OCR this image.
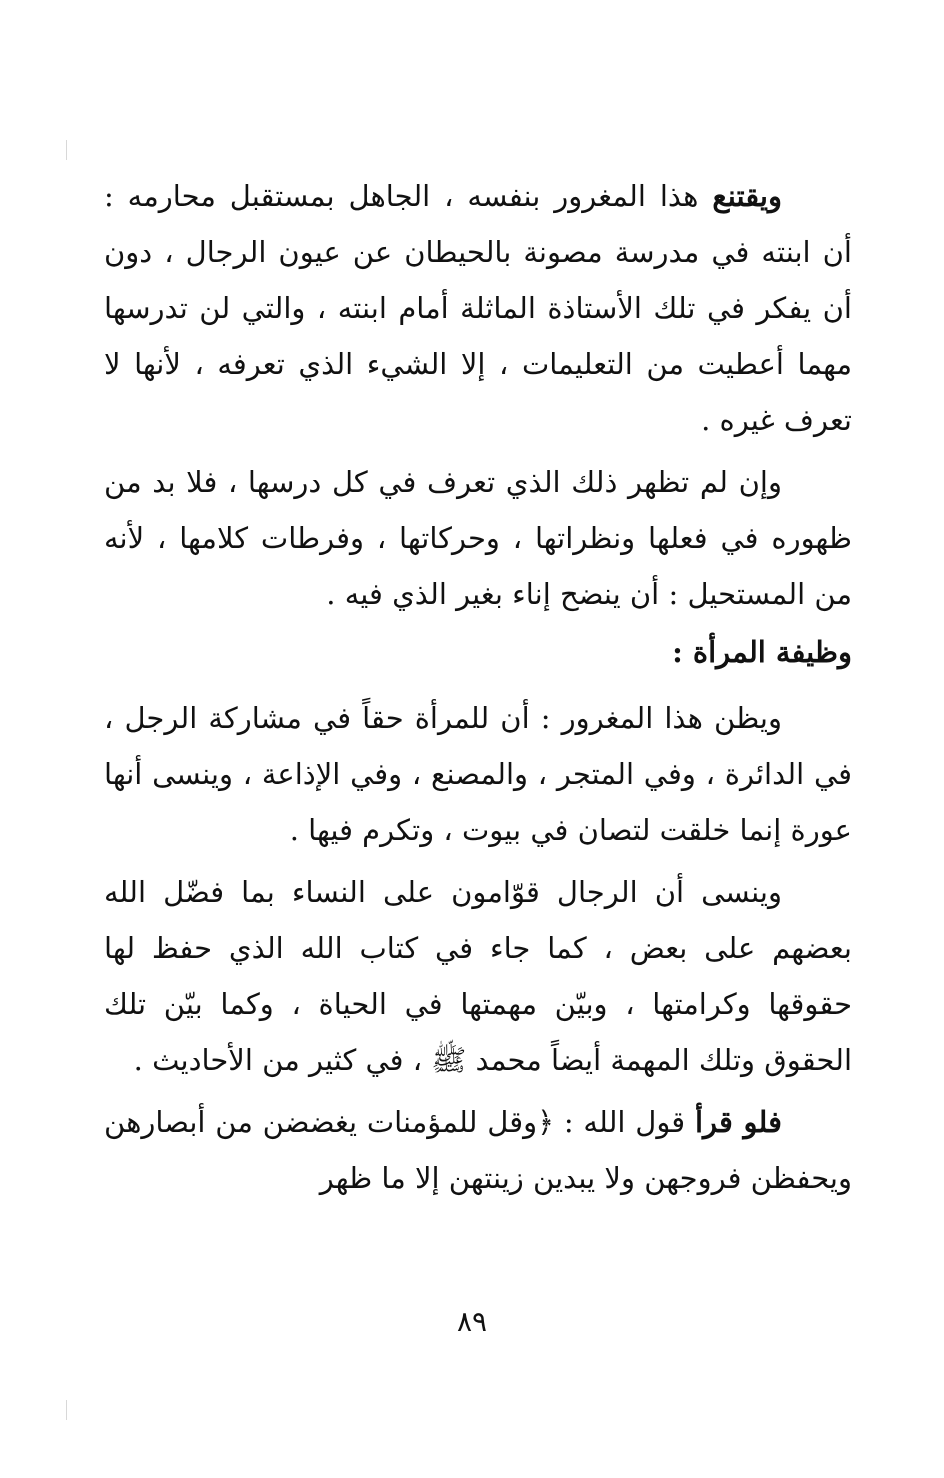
ويقتنع هذا المغرور بنفسه ، الجاهل بمستقبل محارمه : أن ابنته في مدرسة مصونة بالحيطان عن عيون الرجال ، دون أن يفكر في تلك الأستاذة الماثلة أمام ابنته ، والتي لن تدرسها مهما أعطيت من التعليمات ، إلا الشيء الذي تعرفه ، لأنها لا تعرف غيره .

وإن لم تظهر ذلك الذي تعرف في كل درسها ، فلا بد من ظهوره في فعلها ونظراتها ، وحركاتها ، وفرطات كلامها ، لأنه من المستحيل : أن ينضح إناء بغير الذي فيه .

وظيفة المرأة :

ويظن هذا المغرور : أن للمرأة حقاً في مشاركة الرجل ، في الدائرة ، وفي المتجر ، والمصنع ، وفي الإذاعة ، وينسى أنها عورة إنما خلقت لتصان في بيوت ، وتكرم فيها .

وينسى أن الرجال قوّامون على النساء بما فضّل الله بعضهم على بعض ، كما جاء في كتاب الله الذي حفظ لها حقوقها وكرامتها ، وبيّن مهمتها في الحياة ، وكما بيّن تلك الحقوق وتلك المهمة أيضاً محمد ﷺ ، في كثير من الأحاديث .

فلو قرأ قول الله : ﴿وقل للمؤمنات يغضضن من أبصارهن ويحفظن فروجهن ولا يبدين زينتهن إلا ما ظهر

٨٩
